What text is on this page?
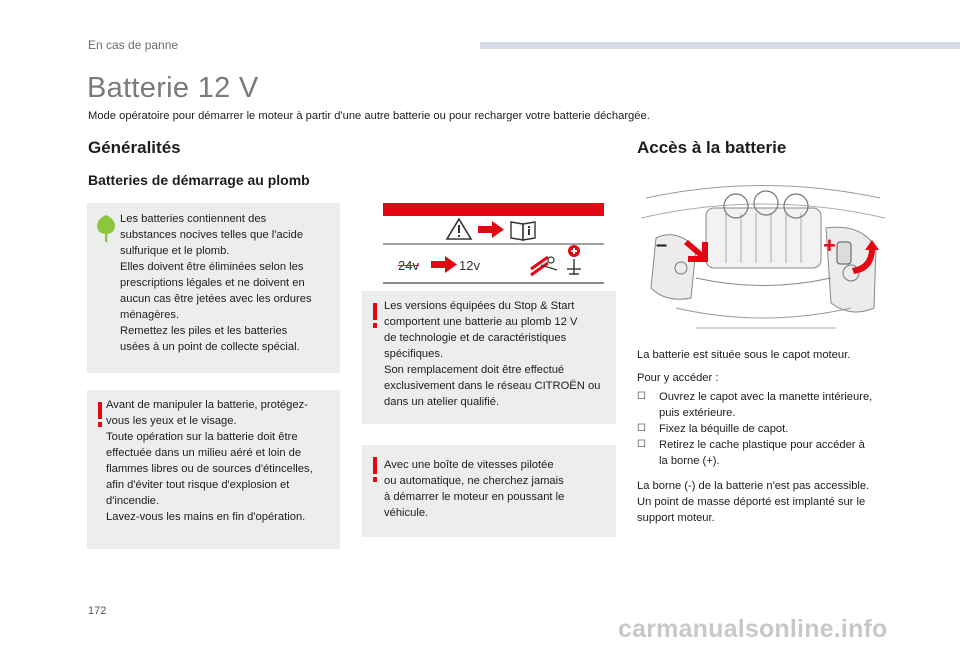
En cas de panne
Batterie 12 V
Mode opératoire pour démarrer le moteur à partir d'une autre batterie ou pour recharger votre batterie déchargée.
Généralités
Batteries de démarrage au plomb
Les batteries contiennent des
substances nocives telles que l'acide
sulfurique et le plomb.
Elles doivent être éliminées selon les
prescriptions légales et ne doivent en
aucun cas être jetées avec les ordures
ménagères.
Remettez les piles et les batteries
usées à un point de collecte spécial.
Avant de manipuler la batterie, protégez-
vous les yeux et le visage.
Toute opération sur la batterie doit être
effectuée dans un milieu aéré et loin de
flammes libres ou de sources d'étincelles,
afin d'éviter tout risque d'explosion et
d'incendie.
Lavez-vous les mains en fin d'opération.
24v	12v
Les versions équipées du Stop & Start
comportent une batterie au plomb 12 V
de technologie et de caractéristiques
spécifiques.
Son remplacement doit être effectué
exclusivement dans le réseau CITROËN ou
dans un atelier qualifié.
Avec une boîte de vitesses pilotée
ou automatique, ne cherchez jamais
à démarrer le moteur en poussant le
véhicule.
Accès à la batterie
–	+
La batterie est située sous le capot moteur.
Pour y accéder :
☐ Ouvrez le capot avec la manette intérieure,
puis extérieure.
☐ Fixez la béquille de capot.
☐ Retirez le cache plastique pour accéder à
la borne (+).
La borne (-) de la batterie n'est pas accessible.
Un point de masse déporté est implanté sur le
support moteur.
172
carmanualsonline.info
